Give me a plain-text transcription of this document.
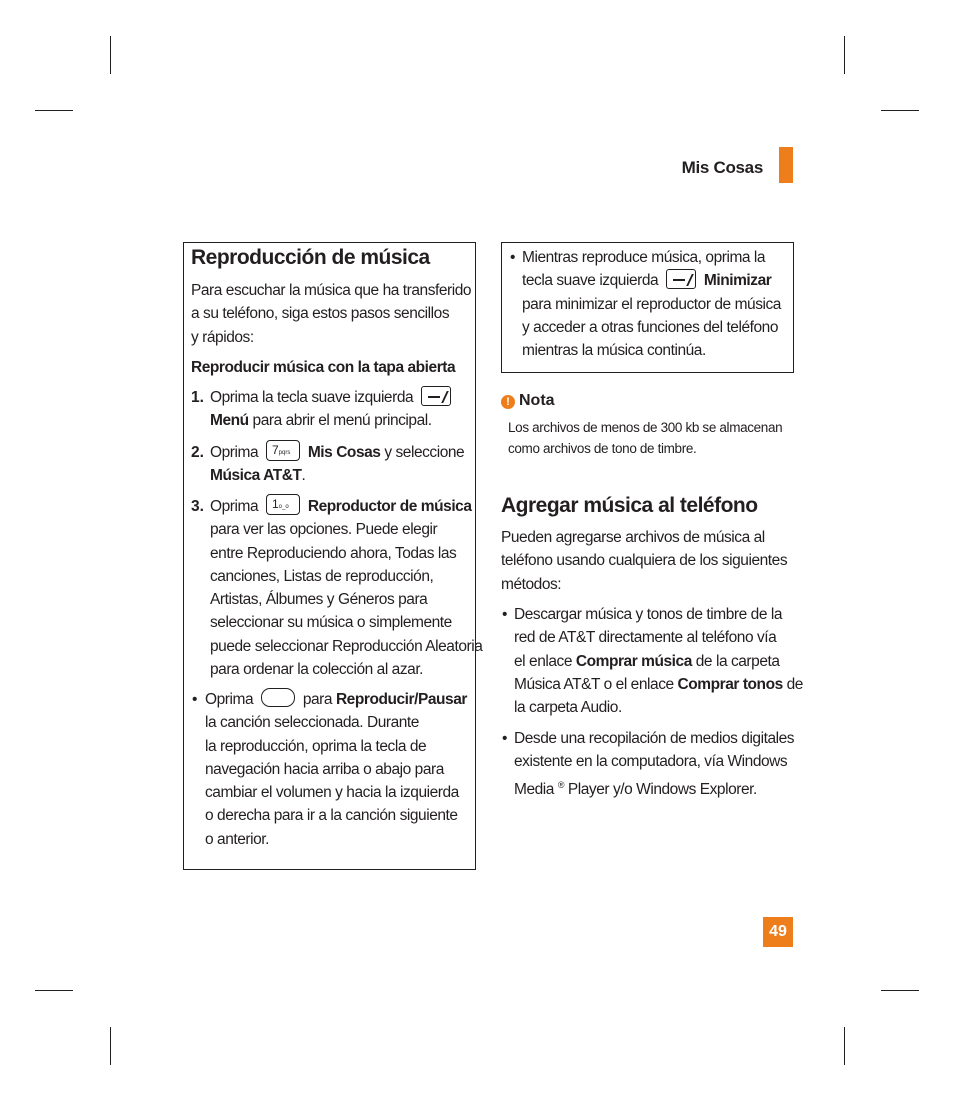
Mis Cosas
Reproducción de música

Para escuchar la música que ha transferido

a su teléfono, siga estos pasos sencillos

y rápidos:

Reproducir música con la tapa abierta
1. Oprima la tecla suave izquierda

Menú para abrir el menú principal.

2. Oprima 7pqrs Mis Cosas y seleccione

Música AT&T.

3. Oprima 1o_o Reproductor de música

para ver las opciones. Puede elegir

entre Reproduciendo ahora, Todas las

canciones, Listas de reproducción,

Artistas, Álbumes y Géneros para

seleccionar su música o simplemente

puede seleccionar Reproducción Aleatoria

para ordenar la colección al azar.

• Oprima	para Reproducir/Pausar

la canción seleccionada. Durante

la reproducción, oprima la tecla de

navegación hacia arriba o abajo para

cambiar el volumen y hacia la izquierda

o derecha para ir a la canción siguiente

o anterior.

• Mientras reproduce música, oprima la

tecla suave izquierda	Minimizar

para minimizar el reproductor de música

y acceder a otras funciones del teléfono

mientras la música continúa.

! Nota

Los archivos de menos de 300 kb se almacenan

como archivos de tono de timbre.

Agregar música al teléfono

Pueden agregarse archivos de música al

teléfono usando cualquiera de los siguientes

métodos:

• Descargar música y tonos de timbre de la

red de AT&T directamente al teléfono vía

el enlace Comprar música de la carpeta

Música AT&T o el enlace Comprar tonos de

la carpeta Audio.

• Desde una recopilación de medios digitales

existente en la computadora, vía Windows

Media ® Player y/o Windows Explorer.

49
